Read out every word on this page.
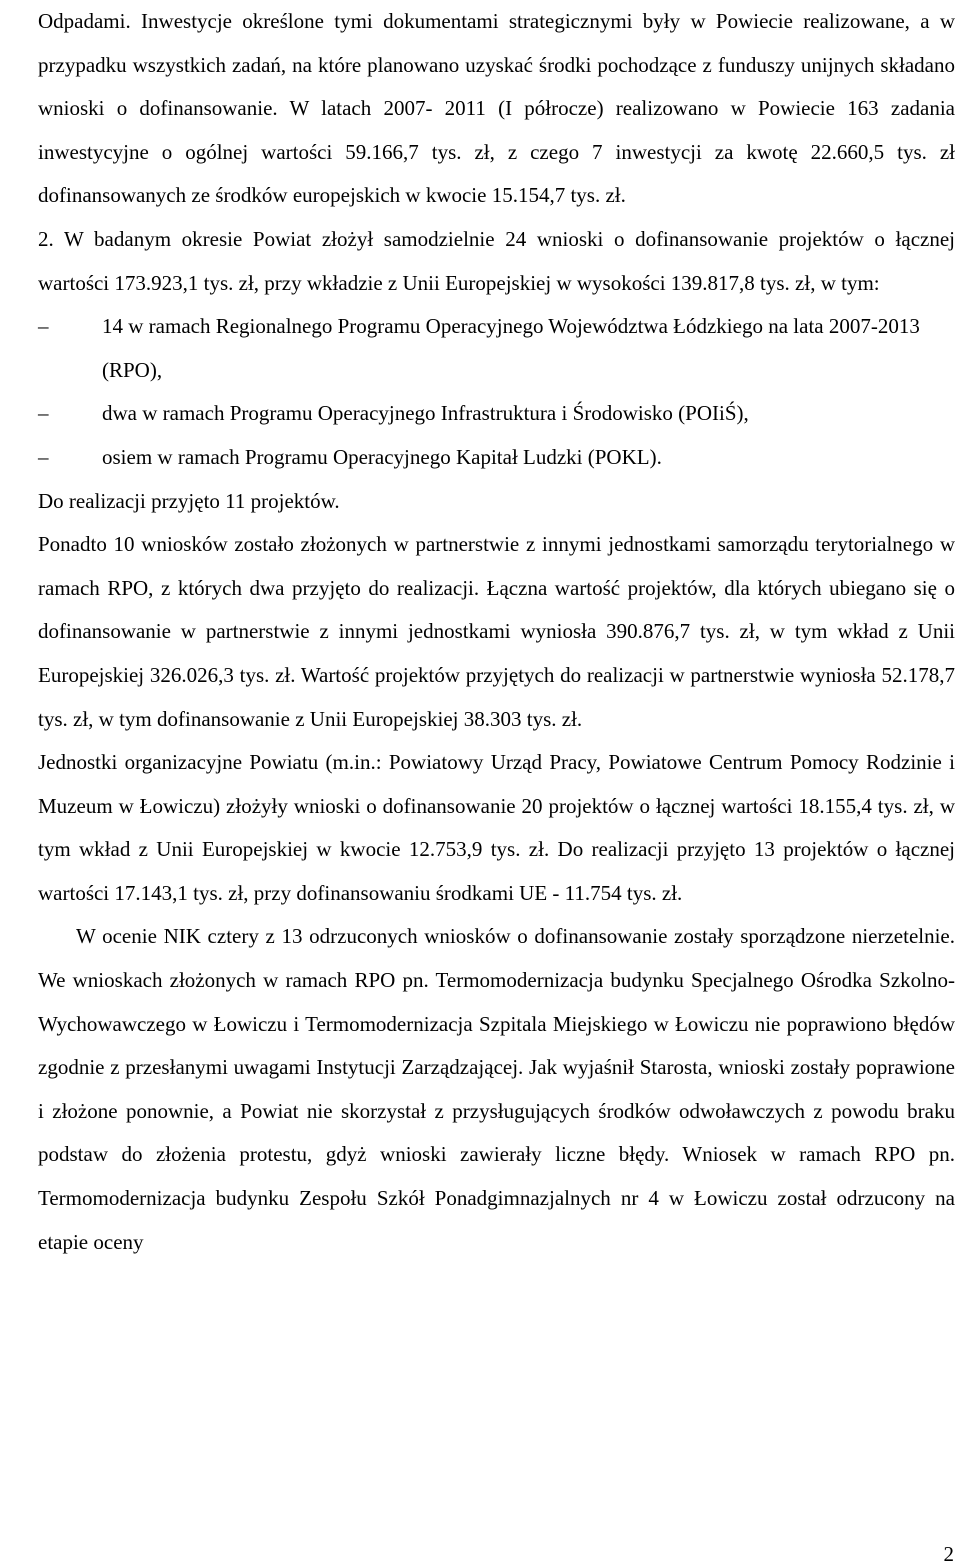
Odpadami. Inwestycje określone tymi dokumentami strategicznymi były w Powiecie realizowane, a w przypadku wszystkich zadań, na które planowano uzyskać środki pochodzące z funduszy unijnych składano wnioski o dofinansowanie. W latach 2007- 2011 (I półrocze) realizowano w Powiecie 163 zadania inwestycyjne o ogólnej wartości 59.166,7 tys. zł, z czego 7 inwestycji za kwotę 22.660,5 tys. zł dofinansowanych ze środków europejskich w kwocie 15.154,7 tys. zł.

2. W badanym okresie Powiat złożył samodzielnie 24 wnioski o dofinansowanie projektów o łącznej wartości 173.923,1 tys. zł, przy wkładzie z Unii Europejskiej w wysokości 139.817,8 tys. zł, w tym:

–	14 w ramach Regionalnego Programu Operacyjnego Województwa Łódzkiego na lata 2007-2013 (RPO),
–	dwa w ramach Programu Operacyjnego Infrastruktura i Środowisko (POIiŚ),
–	osiem w ramach Programu Operacyjnego Kapitał Ludzki (POKL).

Do realizacji przyjęto 11 projektów.

Ponadto 10 wniosków zostało złożonych w partnerstwie z innymi jednostkami samorządu terytorialnego w ramach RPO, z których dwa przyjęto do realizacji. Łączna wartość projektów, dla których ubiegano się o dofinansowanie w partnerstwie z innymi jednostkami wyniosła 390.876,7 tys. zł, w tym wkład z Unii Europejskiej 326.026,3 tys. zł. Wartość projektów przyjętych do realizacji w partnerstwie wyniosła 52.178,7 tys. zł, w tym dofinansowanie z Unii Europejskiej 38.303 tys. zł.

Jednostki organizacyjne Powiatu (m.in.: Powiatowy Urząd Pracy, Powiatowe Centrum Pomocy Rodzinie i Muzeum w Łowiczu) złożyły wnioski o dofinansowanie 20 projektów o łącznej wartości 18.155,4 tys. zł, w tym wkład z Unii Europejskiej w kwocie 12.753,9 tys. zł. Do realizacji przyjęto 13 projektów o łącznej wartości 17.143,1 tys. zł, przy dofinansowaniu środkami UE - 11.754 tys. zł.

W ocenie NIK cztery z 13 odrzuconych wniosków o dofinansowanie zostały sporządzone nierzetelnie. We wnioskach złożonych w ramach RPO pn. Termomodernizacja budynku Specjalnego Ośrodka Szkolno-Wychowawczego w Łowiczu i Termomodernizacja Szpitala Miejskiego w Łowiczu nie poprawiono błędów zgodnie z przesłanymi uwagami Instytucji Zarządzającej. Jak wyjaśnił Starosta, wnioski zostały poprawione i złożone ponownie, a Powiat nie skorzystał z przysługujących środków odwoławczych z powodu braku podstaw do złożenia protestu, gdyż wnioski zawierały liczne błędy. Wniosek w ramach RPO pn. Termomodernizacja budynku Zespołu Szkół Ponadgimnazjalnych nr 4 w Łowiczu został odrzucony na etapie oceny

2
